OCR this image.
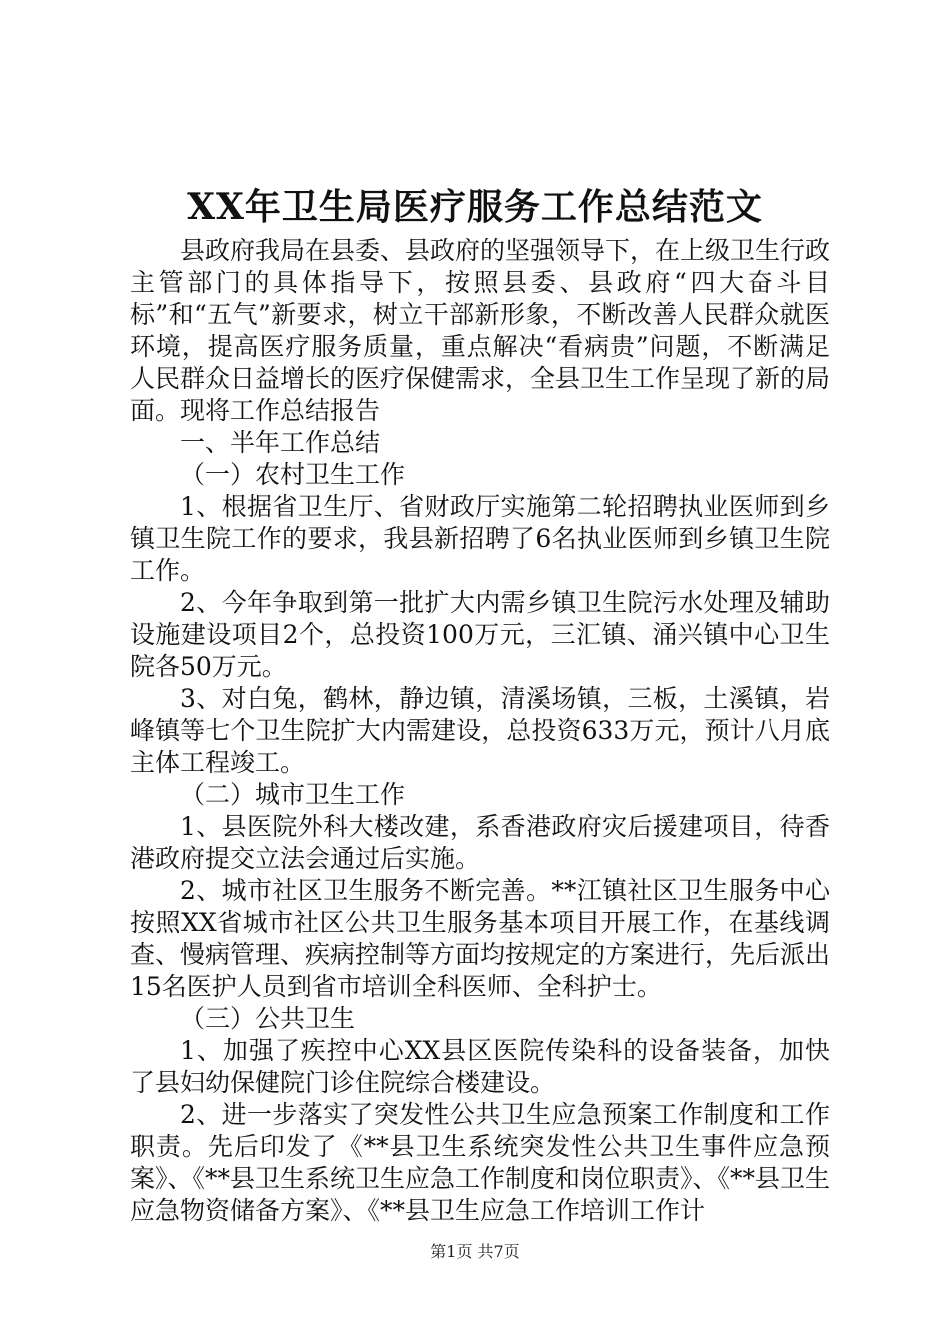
XX年卫生局医疗服务工作总结范文

县政府我局在县委、县政府的坚强领导下，在上级卫生行政主管部门的具体指导下，按照县委、县政府“四大奋斗目标”和“五气”新要求，树立干部新形象，不断改善人民群众就医环境，提高医疗服务质量，重点解决“看病贵”问题，不断满足人民群众日益增长的医疗保健需求，全县卫生工作呈现了新的局面。现将工作总结报告

一、半年工作总结

（一）农村卫生工作

1、根据省卫生厅、省财政厅实施第二轮招聘执业医师到乡镇卫生院工作的要求，我县新招聘了6名执业医师到乡镇卫生院工作。

2、今年争取到第一批扩大内需乡镇卫生院污水处理及辅助设施建设项目2个，总投资100万元，三汇镇、涌兴镇中心卫生院各50万元。

3、对白兔，鹤林，静边镇，清溪场镇，三板，土溪镇，岩峰镇等七个卫生院扩大内需建设，总投资633万元，预计八月底主体工程竣工。

（二）城市卫生工作

1、县医院外科大楼改建，系香港政府灾后援建项目，待香港政府提交立法会通过后实施。

2、城市社区卫生服务不断完善。**江镇社区卫生服务中心按照XX省城市社区公共卫生服务基本项目开展工作，在基线调查、慢病管理、疾病控制等方面均按规定的方案进行，先后派出15名医护人员到省市培训全科医师、全科护士。

（三）公共卫生

1、加强了疾控中心XX县区医院传染科的设备装备，加快了县妇幼保健院门诊住院综合楼建设。

2、进一步落实了突发性公共卫生应急预案工作制度和工作职责。先后印发了《**县卫生系统突发性公共卫生事件应急预案》、《**县卫生系统卫生应急工作制度和岗位职责》、《**县卫生应急物资储备方案》、《**县卫生应急工作培训工作计

第1页 共7页
